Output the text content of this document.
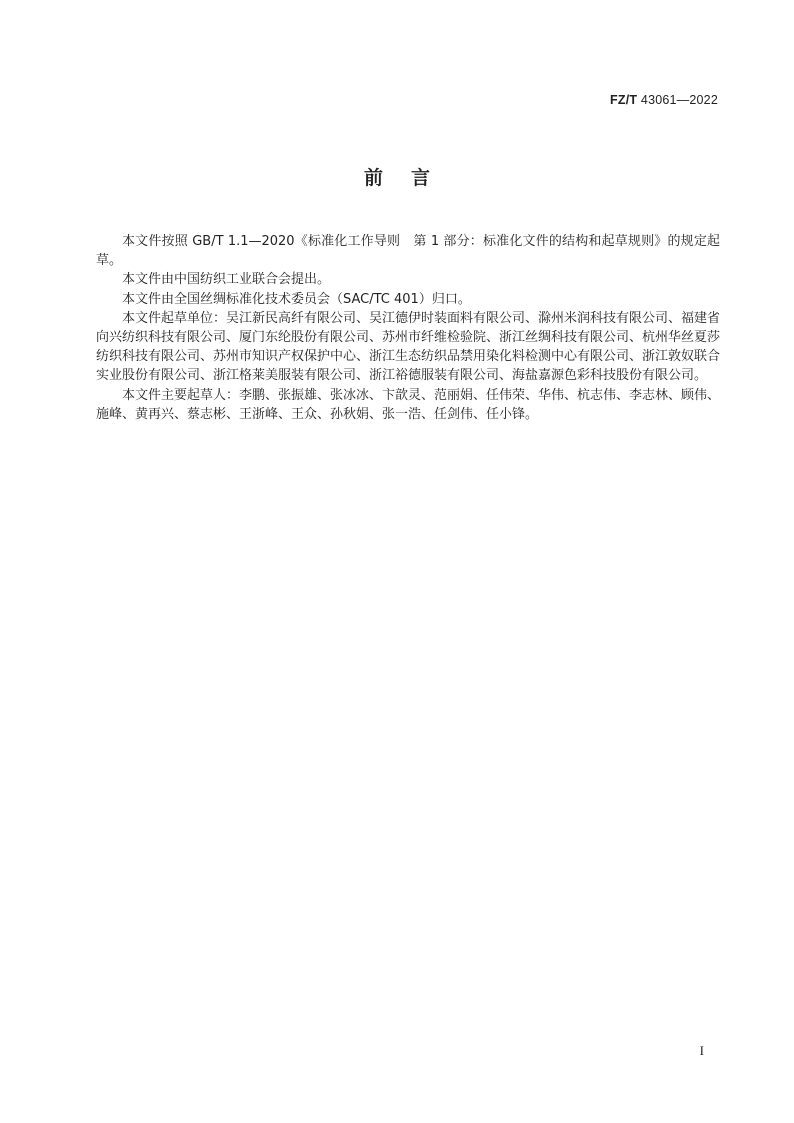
FZ/T 43061—2022
前言

本文件按照 GB/T 1.1—2020《标准化工作导则　第 1 部分：标准化文件的结构和起草规则》的规定起草。

本文件由中国纺织工业联合会提出。

本文件由全国丝绸标准化技术委员会（SAC/TC 401）归口。

本文件起草单位：吴江新民高纤有限公司、吴江德伊时装面料有限公司、滁州米润科技有限公司、福建省向兴纺织科技有限公司、厦门东纶股份有限公司、苏州市纤维检验院、浙江丝绸科技有限公司、杭州华丝夏莎纺织科技有限公司、苏州市知识产权保护中心、浙江生态纺织品禁用染化料检测中心有限公司、浙江敦奴联合实业股份有限公司、浙江格莱美服装有限公司、浙江裕德服装有限公司、海盐嘉源色彩科技股份有限公司。

本文件主要起草人：李鹏、张振雄、张冰冰、卞歆灵、范丽娟、任伟荣、华伟、杭志伟、李志林、顾伟、施峰、黄再兴、蔡志彬、王浙峰、王众、孙秋娟、张一浩、任剑伟、任小锋。

I
